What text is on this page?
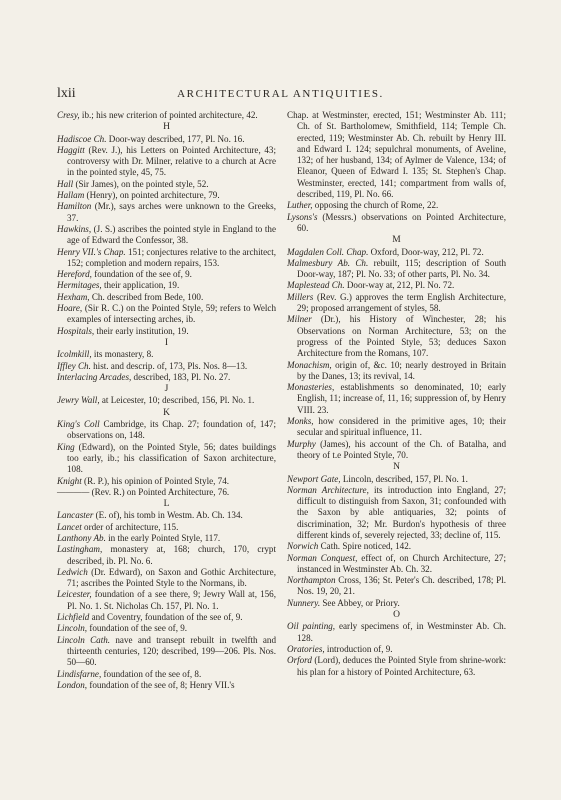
lxii	ARCHITECTURAL ANTIQUITIES.

Cresy, ib.; his new criterion of pointed architecture, 42.

H

Hadiscoe Ch. Door-way described, 177, Pl. No. 16.

Haggitt (Rev. J.), his Letters on Pointed Architecture, 43; controversy with Dr. Milner, relative to a church at Acre in the pointed style, 45, 75.

Hall (Sir James), on the pointed style, 52.

Hallam (Henry), on pointed architecture, 79.

Hamilton (Mr.), says arches were unknown to the Greeks, 37.

Hawkins, (J. S.) ascribes the pointed style in England to the age of Edward the Confessor, 38.

Henry VII.'s Chap. 151; conjectures relative to the architect, 152; completion and modern repairs, 153.

Hereford, foundation of the see of, 9.

Hermitages, their application, 19.

Hexham, Ch. described from Bede, 100.

Hoare, (Sir R. C.) on the Pointed Style, 59; refers to Welch examples of intersecting arches, ib.

Hospitals, their early institution, 19.

I

Icolmkill, its monastery, 8.

Iffley Ch. hist. and descrip. of, 173, Pls. Nos. 8—13.

Interlacing Arcades, described, 183, Pl. No. 27.

J

Jewry Wall, at Leicester, 10; described, 156, Pl. No. 1.

K

King's Coll Cambridge, its Chap. 27; foundation of, 147; observations on, 148.

King (Edward), on the Pointed Style, 56; dates buildings too early, ib.; his classification of Saxon architecture, 108.

Knight (R. P.), his opinion of Pointed Style, 74.

———— (Rev. R.) on Pointed Architecture, 76.

L

Lancaster (E. of), his tomb in Westm. Ab. Ch. 134.

Lancet order of architecture, 115.

Lanthony Ab. in the early Pointed Style, 117.

Lastingham, monastery at, 168; church, 170, crypt described, ib. Pl. No. 6.

Ledwich (Dr. Edward), on Saxon and Gothic Architecture, 71; ascribes the Pointed Style to the Normans, ib.

Leicester, foundation of a see there, 9; Jewry Wall at, 156, Pl. No. 1. St. Nicholas Ch. 157, Pl. No. 1.

Lichfield and Coventry, foundation of the see of, 9.

Lincoln, foundation of the see of, 9.

Lincoln Cath. nave and transept rebuilt in twelfth and thirteenth centuries, 120; described, 199—206. Pls. Nos. 50—60.

Lindisfarne, foundation of the see of, 8.

London, foundation of the see of, 8; Henry VII.'s

Chap. at Westminster, erected, 151; Westminster Ab. 111; Ch. of St. Bartholomew, Smithfield, 114; Temple Ch. erected, 119; Westminster Ab. Ch. rebuilt by Henry III. and Edward I. 124; sepulchral monuments, of Aveline, 132; of her husband, 134; of Aylmer de Valence, 134; of Eleanor, Queen of Edward I. 135; St. Stephen's Chap. Westminster, erected, 141; compartment from walls of, described, 119, Pl. No. 66.

Luther, opposing the church of Rome, 22.

Lysons's (Messrs.) observations on Pointed Architecture, 60.

M

Magdalen Coll. Chap. Oxford, Door-way, 212, Pl. 72.

Malmesbury Ab. Ch. rebuilt, 115; description of South Door-way, 187; Pl. No. 33; of other parts, Pl. No. 34.

Maplestead Ch. Door-way at, 212, Pl. No. 72.

Millers (Rev. G.) approves the term English Architecture, 29; proposed arrangement of styles, 58.

Milner (Dr.), his History of Winchester, 28; his Observations on Norman Architecture, 53; on the progress of the Pointed Style, 53; deduces Saxon Architecture from the Romans, 107.

Monachism, origin of, &c. 10; nearly destroyed in Britain by the Danes, 13; its revival, 14.

Monasteries, establishments so denominated, 10; early English, 11; increase of, 11, 16; suppression of, by Henry VIII. 23.

Monks, how considered in the primitive ages, 10; their secular and spiritual influence, 11.

Murphy (James), his account of the Ch. of Batalha, and theory of t.e Pointed Style, 70.

N

Newport Gate, Lincoln, described, 157, Pl. No. 1.

Norman Architecture, its introduction into England, 27; difficult to distinguish from Saxon, 31; confounded with the Saxon by able antiquaries, 32; points of discrimination, 32; Mr. Burdon's hypothesis of three different kinds of, severely rejected, 33; decline of, 115.

Norwich Cath. Spire noticed, 142.

Norman Conquest, effect of, on Church Architecture, 27; instanced in Westminster Ab. Ch. 32.

Northampton Cross, 136; St. Peter's Ch. described, 178; Pl. Nos. 19, 20, 21.

Nunnery. See Abbey, or Priory.

O

Oil painting, early specimens of, in Westminster Ab. Ch. 128.

Oratories, introduction of, 9.

Orford (Lord), deduces the Pointed Style from shrine-work: his plan for a history of Pointed Architecture, 63.
